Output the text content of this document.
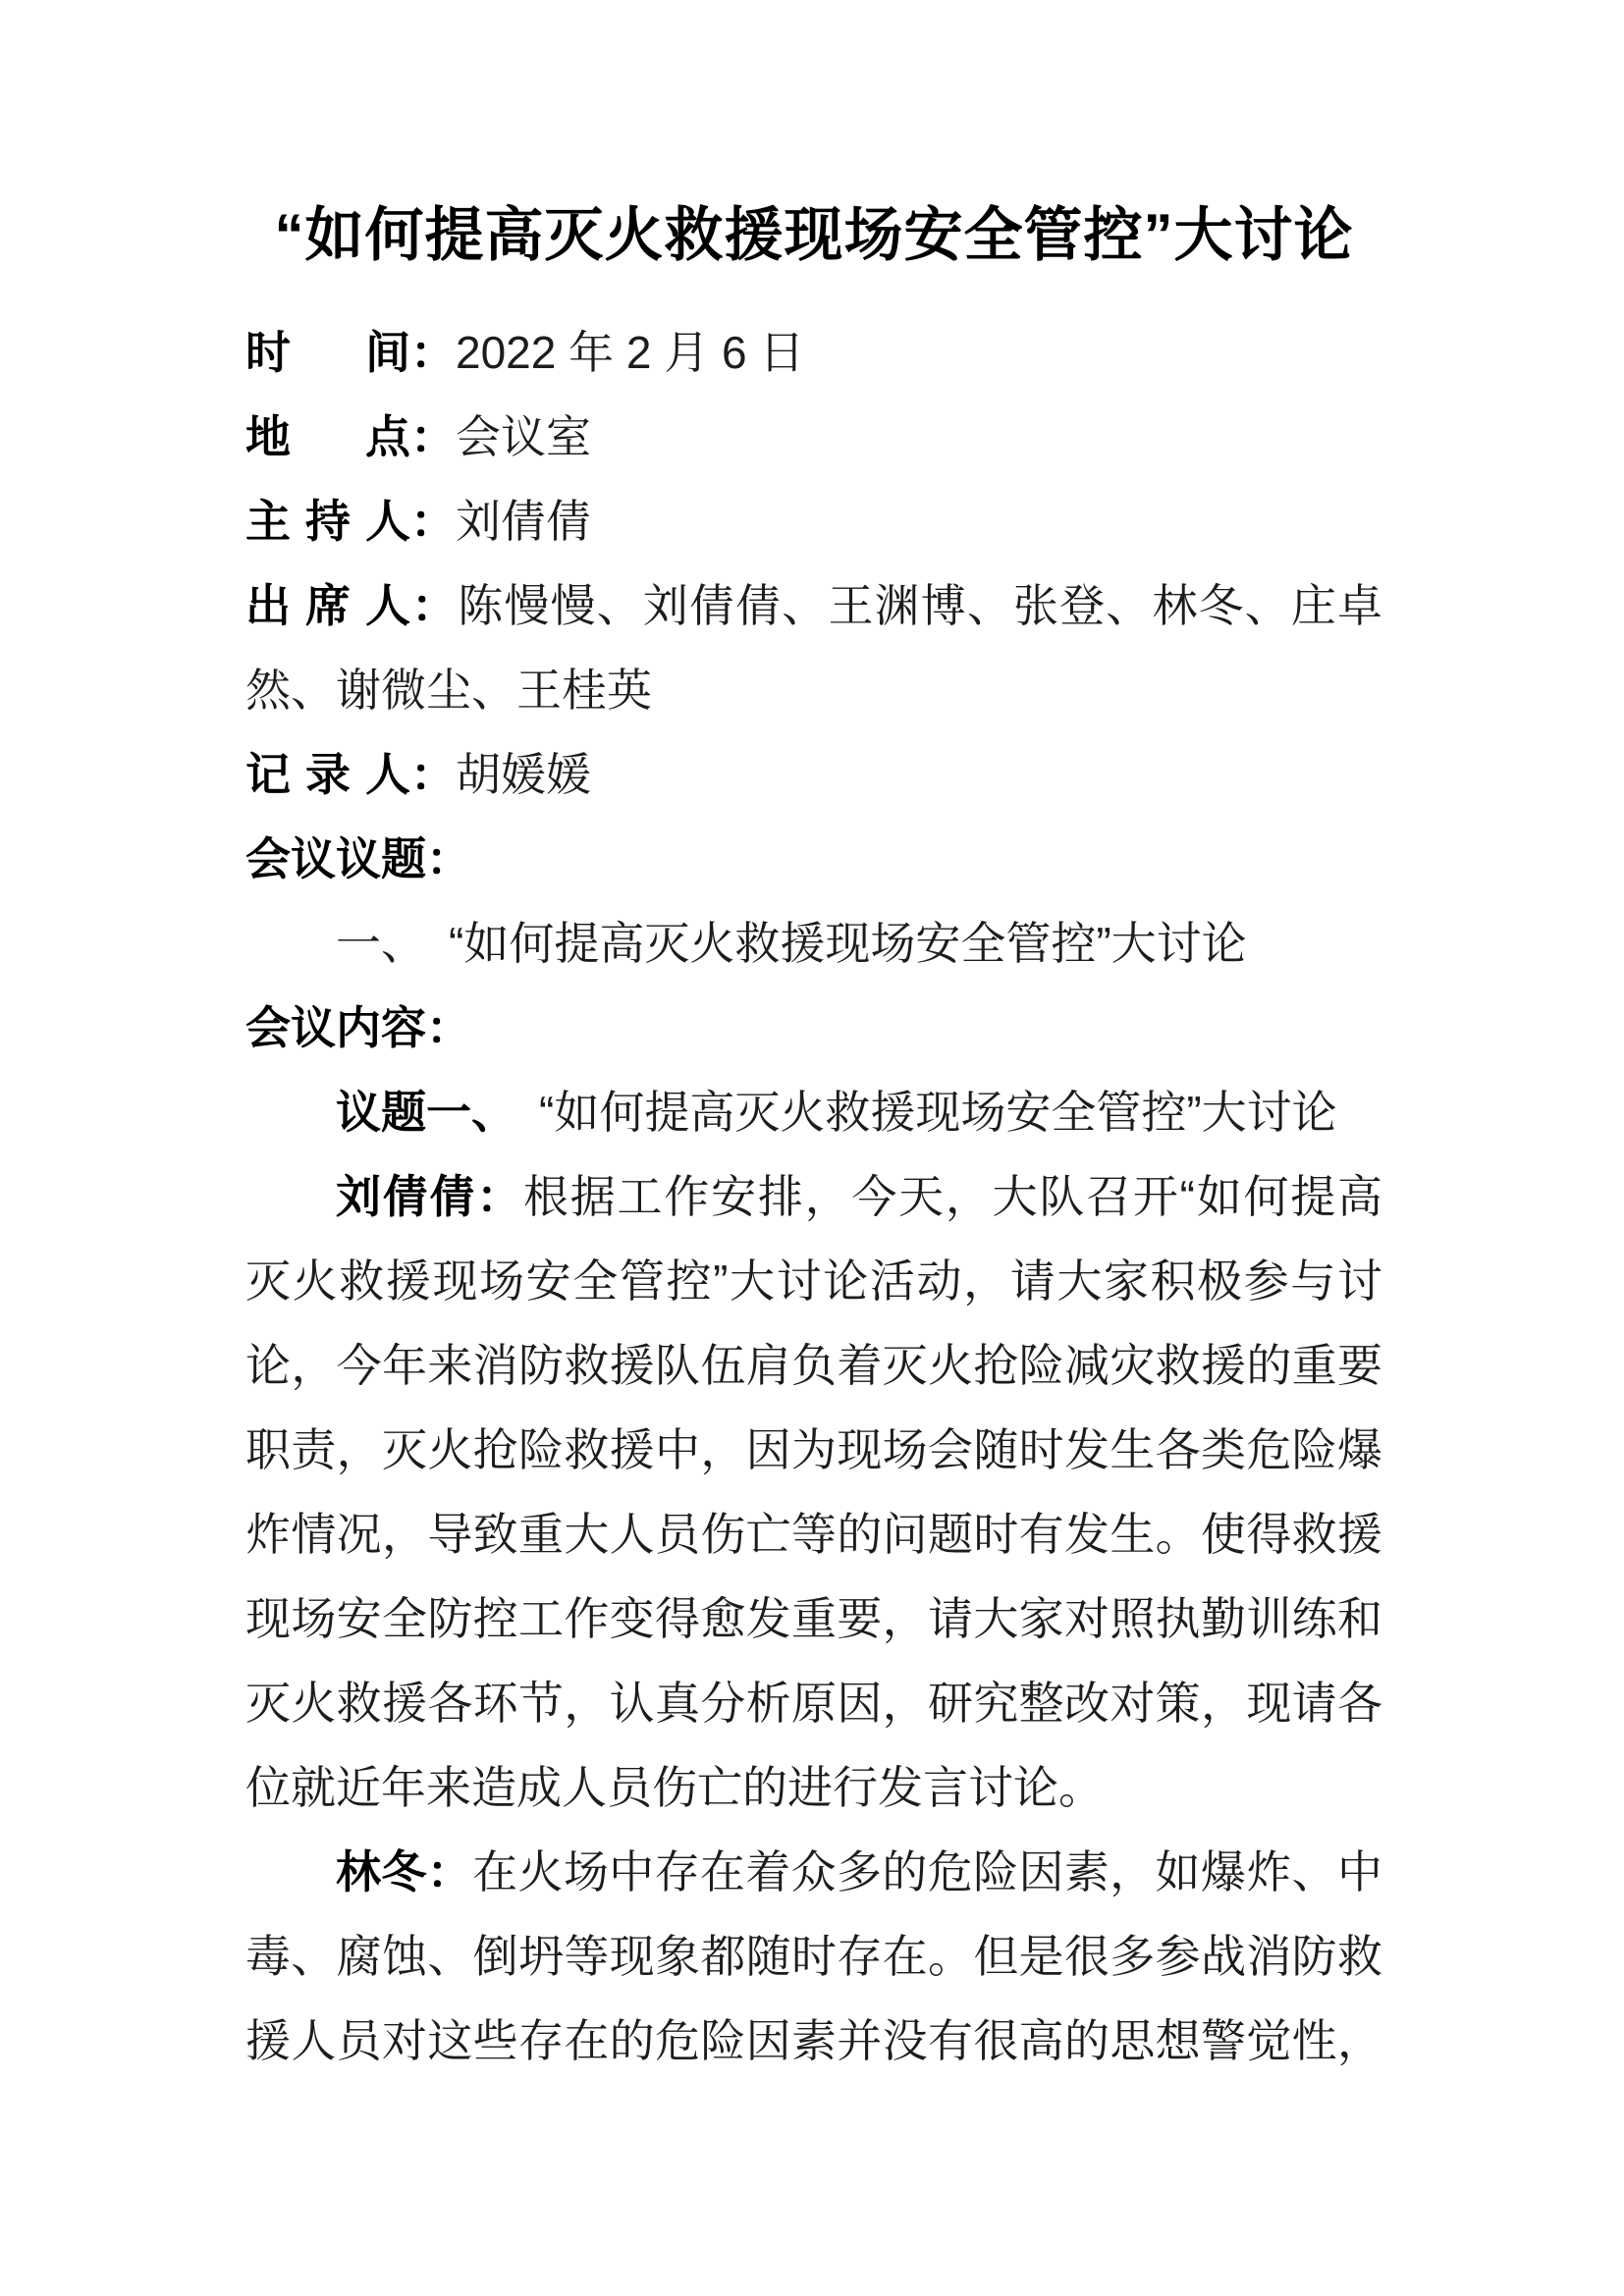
“如何提高灭火救援现场安全管控”大讨论
时间：2022 年 2 月 6 日
地点：会议室
主持人：刘倩倩
出席人：陈慢慢、刘倩倩、王渊博、张登、林冬、庄卓
然、谢微尘、王桂英
记录人：胡媛媛
会议议题：
一、　“如何提高灭火救援现场安全管控”大讨论
会议内容：
议题一、　“如何提高灭火救援现场安全管控”大讨论
刘倩倩：根据工作安排，今天，大队召开“如何提高
灭火救援现场安全管控”大讨论活动，请大家积极参与讨
论，今年来消防救援队伍肩负着灭火抢险减灾救援的重要
职责，灭火抢险救援中，因为现场会随时发生各类危险爆
炸情况，导致重大人员伤亡等的问题时有发生。使得救援
现场安全防控工作变得愈发重要，请大家对照执勤训练和
灭火救援各环节，认真分析原因，研究整改对策，现请各
位就近年来造成人员伤亡的进行发言讨论。
林冬：在火场中存在着众多的危险因素，如爆炸、中
毒、腐蚀、倒坍等现象都随时存在。但是很多参战消防救
援人员对这些存在的危险因素并没有很高的思想警觉性，
